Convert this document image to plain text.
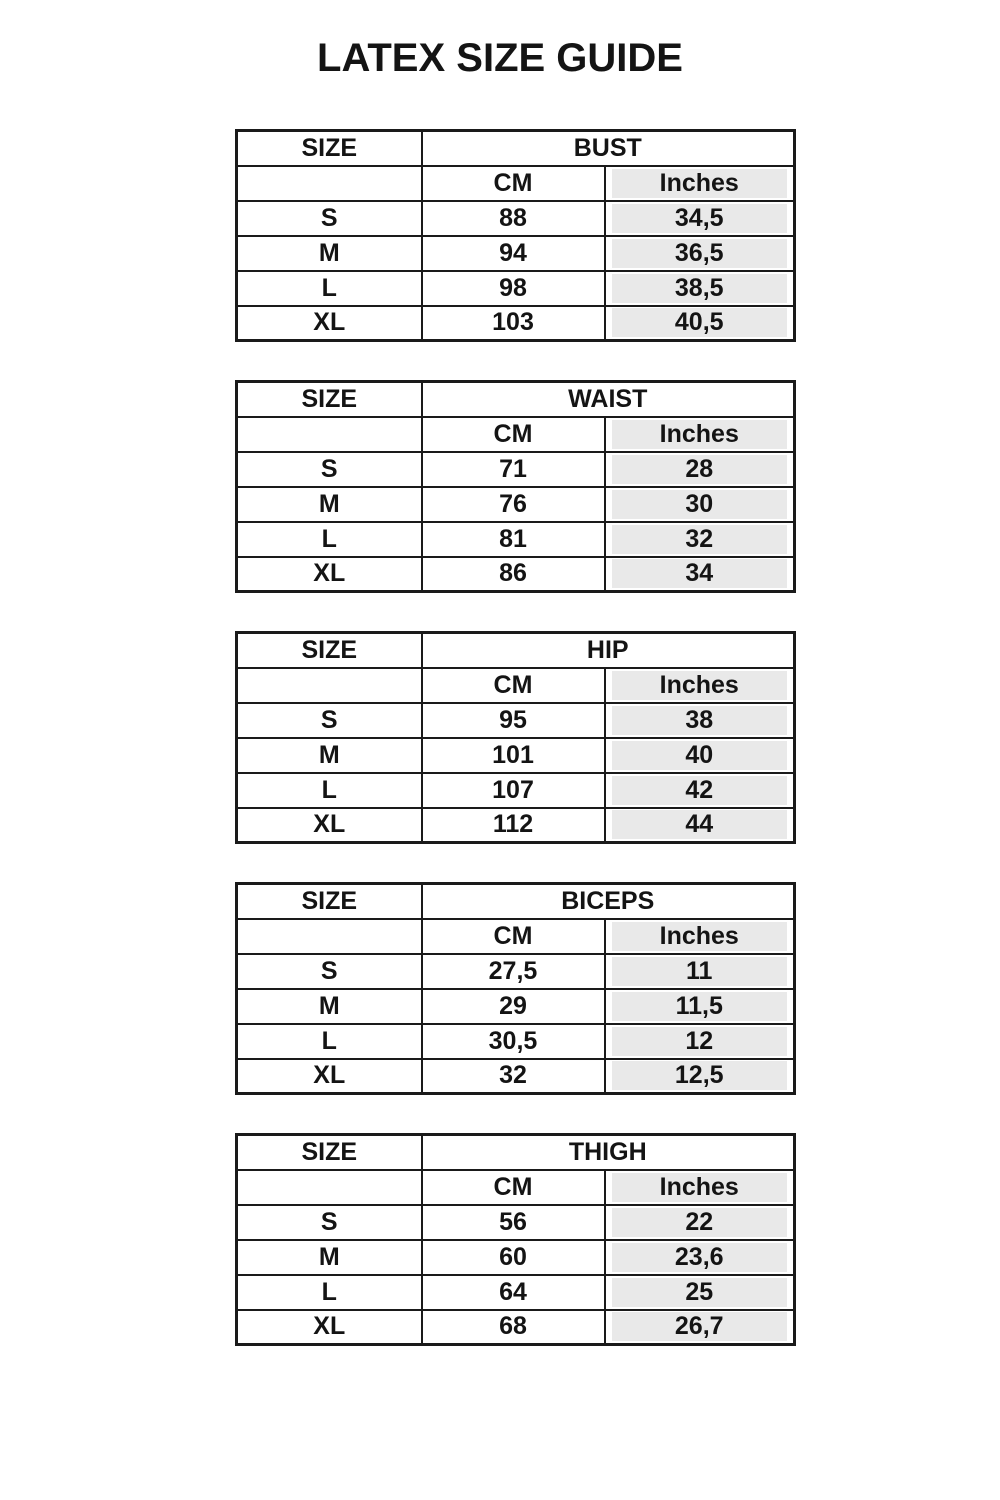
LATEX SIZE GUIDE
SIZE	BUST	
	CM	Inches

S	88	34,5

M	94	36,5

L	98	38,5

XL	103	40,5
SIZE	WAIST	
	CM	Inches

S	71	28

M	76	30

L	81	32

XL	86	34
SIZE	HIP	
	CM	Inches

S	95	38

M	101	40

L	107	42

XL	112	44
SIZE	BICEPS	
	CM	Inches

S	27,5	11

M	29	11,5

L	30,5	12

XL	32	12,5
SIZE	THIGH	
	CM	Inches

S	56	22

M	60	23,6

L	64	25

XL	68	26,7
